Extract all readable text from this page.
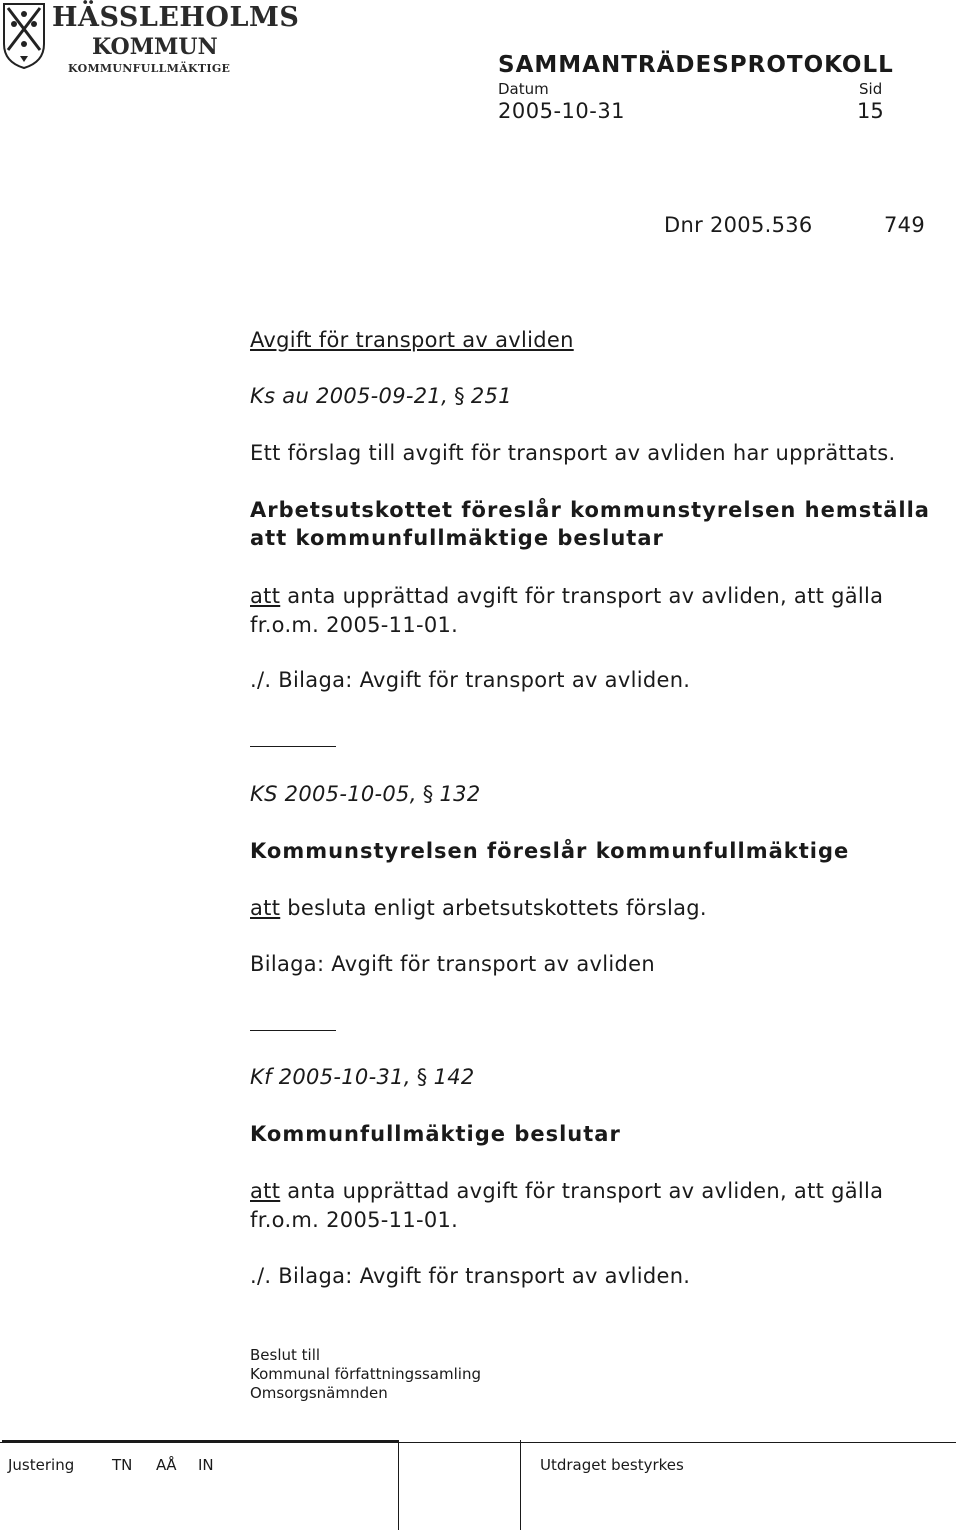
HÄSSLEHOLMS
KOMMUN
KOMMUNFULLMÄKTIGE	SAMMANTRÄDESPROTOKOLL
Datum	Sid
2005-10-31	15
Dnr 2005.536	749
Avgift för transport av avliden
Ks au 2005-09-21, § 251
Ett förslag till avgift för transport av avliden har upprättats.
Arbetsutskottet föreslår kommunstyrelsen hemställa
att kommunfullmäktige beslutar
att anta upprättad avgift för transport av avliden, att gälla
fr.o.m. 2005-11-01.
./. Bilaga: Avgift för transport av avliden.
KS 2005-10-05, § 132
Kommunstyrelsen föreslår kommunfullmäktige
att besluta enligt arbetsutskottets förslag.
Bilaga: Avgift för transport av avliden
Kf 2005-10-31, § 142
Kommunfullmäktige beslutar
att anta upprättad avgift för transport av avliden, att gälla
fr.o.m. 2005-11-01.
./. Bilaga: Avgift för transport av avliden.
Beslut till
Kommunal författningssamling
Omsorgsnämnden
Justering	TN AÅ IN	Utdraget bestyrkes
